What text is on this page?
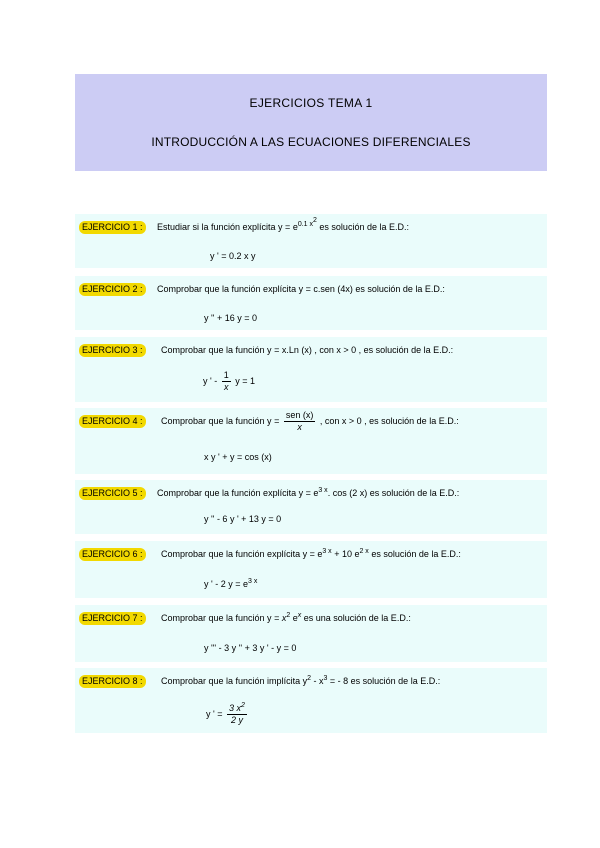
EJERCICIOS TEMA 1
INTRODUCCIÓN A LAS ECUACIONES DIFERENCIALES
EJERCICIO 1 :	Estudiar si la función explícita $y = e^{0.1 x^2}$ es solución de la E.D.:
y ' = 0.2 x y
EJERCICIO 2 :	Comprobar que la función explícita y = c.sen (4x) es solución de la E.D.:
y '' + 16 y = 0
EJERCICIO 3 :	Comprobar que la función y = x.Ln (x) , con x > 0 , es solución de la E.D.:
y ' - $\frac{1}{x}$ y = 1
EJERCICIO 4 :	Comprobar que la función $y = \frac{\text{sen (x)}}{x}$ , con x > 0 , es solución de la E.D.:
x y ' + y = cos (x)
EJERCICIO 5 :	Comprobar que la función explícita $y = e^{3 x}$. cos (2 x) es solución de la E.D.:
y '' - 6 y ' + 13 y = 0
EJERCICIO 6 :	Comprobar que la función explícita $y = e^{3 x} + 10$ $e^{2 x}$ es solución de la E.D.:
y ' - 2 $y = e^{3 x}$
EJERCICIO 7 :	Comprobar que la función $y = x^2$ $e^x$ es una solución de la E.D.:
y ''' - 3 y '' + 3 y ' - y = 0
EJERCICIO 8 :	Comprobar que la función implícita $y^2 - x^3$ = - 8 es solución de la E.D.:
y ' = $\frac{3 x^2}{2 y}$
